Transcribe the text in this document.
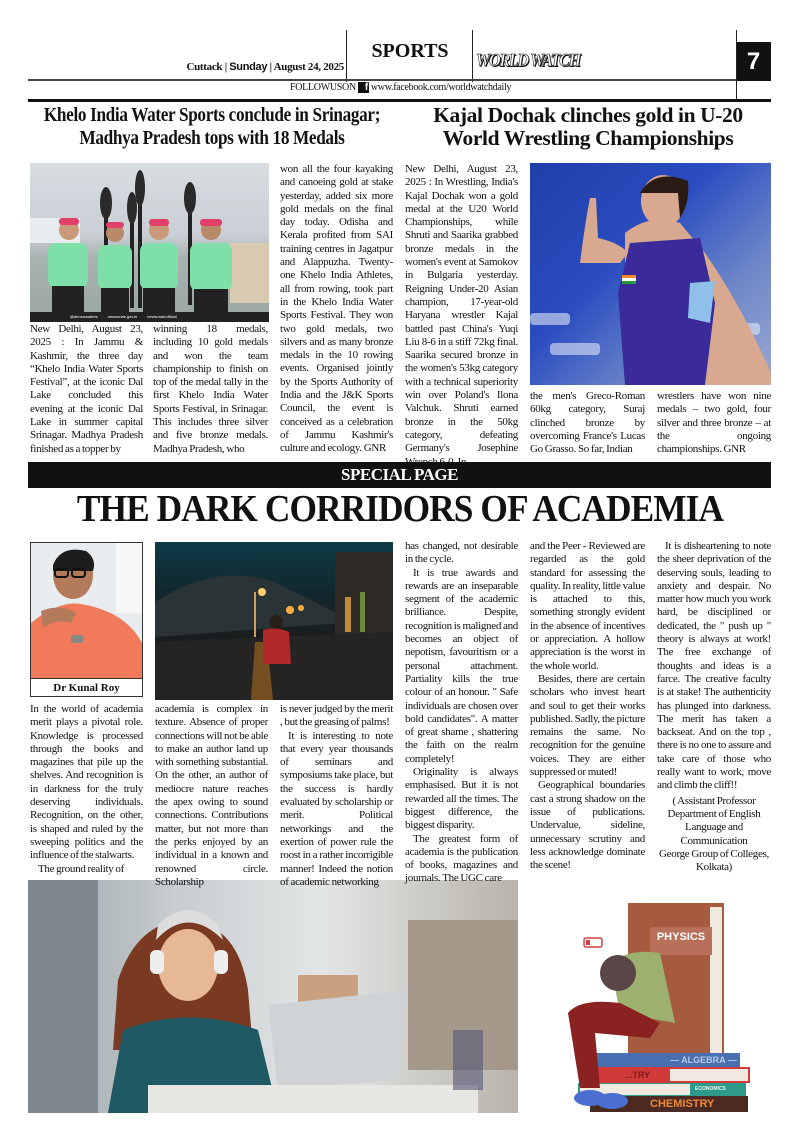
Cuttack | Sunday | August 24, 2025
SPORTS	WORLD WATCH	7
FOLLOWUSON f www.facebook.com/worldwatchdaily
Khelo India Water Sports conclude in Srinagar;
Madhya Pradesh tops with 18 Medals
@airnewsalerts	newsonair.gov.in	newsonairofficial

New Delhi, August 23, 2025 : In Jammu & Kashmir, the three day “Khelo India Water Sports Festival”, at the iconic Dal Lake concluded this evening at the iconic Dal Lake in summer capital Srinagar. Madhya Pradesh finished as a topper by

winning 18 medals, including 10 gold medals and won the team championship to finish on top of the medal tally in the first Khelo India Water Sports Festival, in Srinagar. This includes three silver and five bronze medals. Madhya Pradesh, who

won all the four kayaking and canoeing gold at stake yesterday, added six more gold medals on the final day today. Odisha and Kerala profited from SAI training centres in Jagatpur and Alappuzha. Twenty-one Khelo India Athletes, all from rowing, took part in the Khelo India Water Sports Festival. They won two gold medals, two silvers and as many bronze medals in the 10 rowing events. Organised jointly by the Sports Authority of India and the J&K Sports Council, the event is conceived as a celebration of Jammu Kashmir's culture and ecology. GNR

Kajal Dochak clinches gold in U-20
World Wrestling Championships

New Delhi, August 23, 2025 : In Wrestling, India's Kajal Dochak won a gold medal at the U20 World Championships, while Shruti and Saarika grabbed bronze medals in the women's event at Samokov in Bulgaria yesterday. Reigning Under-20 Asian champion, 17-year-old Haryana wrestler Kajal battled past China's Yuqi Liu 8-6 in a stiff 72kg final. Saarika secured bronze in the women's 53kg category with a technical superiority win over Poland's Ilona Valchuk. Shruti earned bronze in the 50kg category, defeating Germany's Josephine Wrench 6-0. In

the men's Greco-Roman 60kg category, Suraj clinched bronze by overcoming France's Lucas Go Grasso. So far, Indian

wrestlers have won nine medals – two gold, four silver and three bronze – at the ongoing championships. GNR

SPECIAL PAGE
THE DARK CORRIDORS OF ACADEMIA
Dr Kunal Roy

In the world of academia merit plays a pivotal role. Knowledge is processed through the books and magazines that pile up the shelves. And recognition is in darkness for the truly deserving individuals. Recognition, on the other, is shaped and ruled by the sweeping politics and the influence of the stalwarts.

The ground reality of

academia is complex in texture. Absence of proper connections will not be able to make an author land up with something substantial. On the other, an author of mediocre nature reaches the apex owing to sound connections. Contributions matter, but not more than the perks enjoyed by an individual in a known and renowned circle. Scholarship

is never judged by the merit , but the greasing of palms!

It is interesting to note that every year thousands of seminars and symposiums take place, but the success is hardly evaluated by scholarship or merit. Political networkings and the exertion of power rule the roost in a rather incorrigible manner! Indeed the notion of academic networking

has changed, not desirable in the cycle.

It is true awards and rewards are an inseparable segment of the academic brilliance. Despite, recognition is maligned and becomes an object of nepotism, favouritism or a personal attachment. Partiality kills the true colour of an honour. " Safe individuals are chosen over bold candidates". A matter of great shame , shattering the faith on the realm completely!

Originality is always emphasised. But it is not rewarded all the times. The biggest difference, the biggest disparity.

The greatest form of academia is the publication of books, magazines and journals. The UGC care

and the Peer - Reviewed are regarded as the gold standard for assessing the quality. In reality, little value is attached to this, something strongly evident in the absence of incentives or appreciation. A hollow appreciation is the worst in the whole world.

Besides, there are certain scholars who invest heart and soul to get their works published. Sadly, the picture remains the same. No recognition for the genuine voices. They are either suppressed or muted!

Geographical boundaries cast a strong shadow on the issue of publications. Undervalue, sideline, unnecessary scrutiny and less acknowledge dominate the scene!

It is disheartening to note the sheer deprivation of the deserving souls, leading to anxiety and despair. No matter how much you work hard, be disciplined or dedicated, the " push up " theory is always at work! The free exchange of thoughts and ideas is a farce. The creative faculty is at stake! The authenticity has plunged into darkness. The merit has taken a backseat. And on the top , there is no one to assure and take care of those who really want to work, move and climb the cliff!!

( Assistant Professor
Department of English
Language and Communication
George Group of Colleges, Kolkata)
PHYSICS
— ALGEBRA —
...TRY
ECONOMICS
CHEMISTRY
